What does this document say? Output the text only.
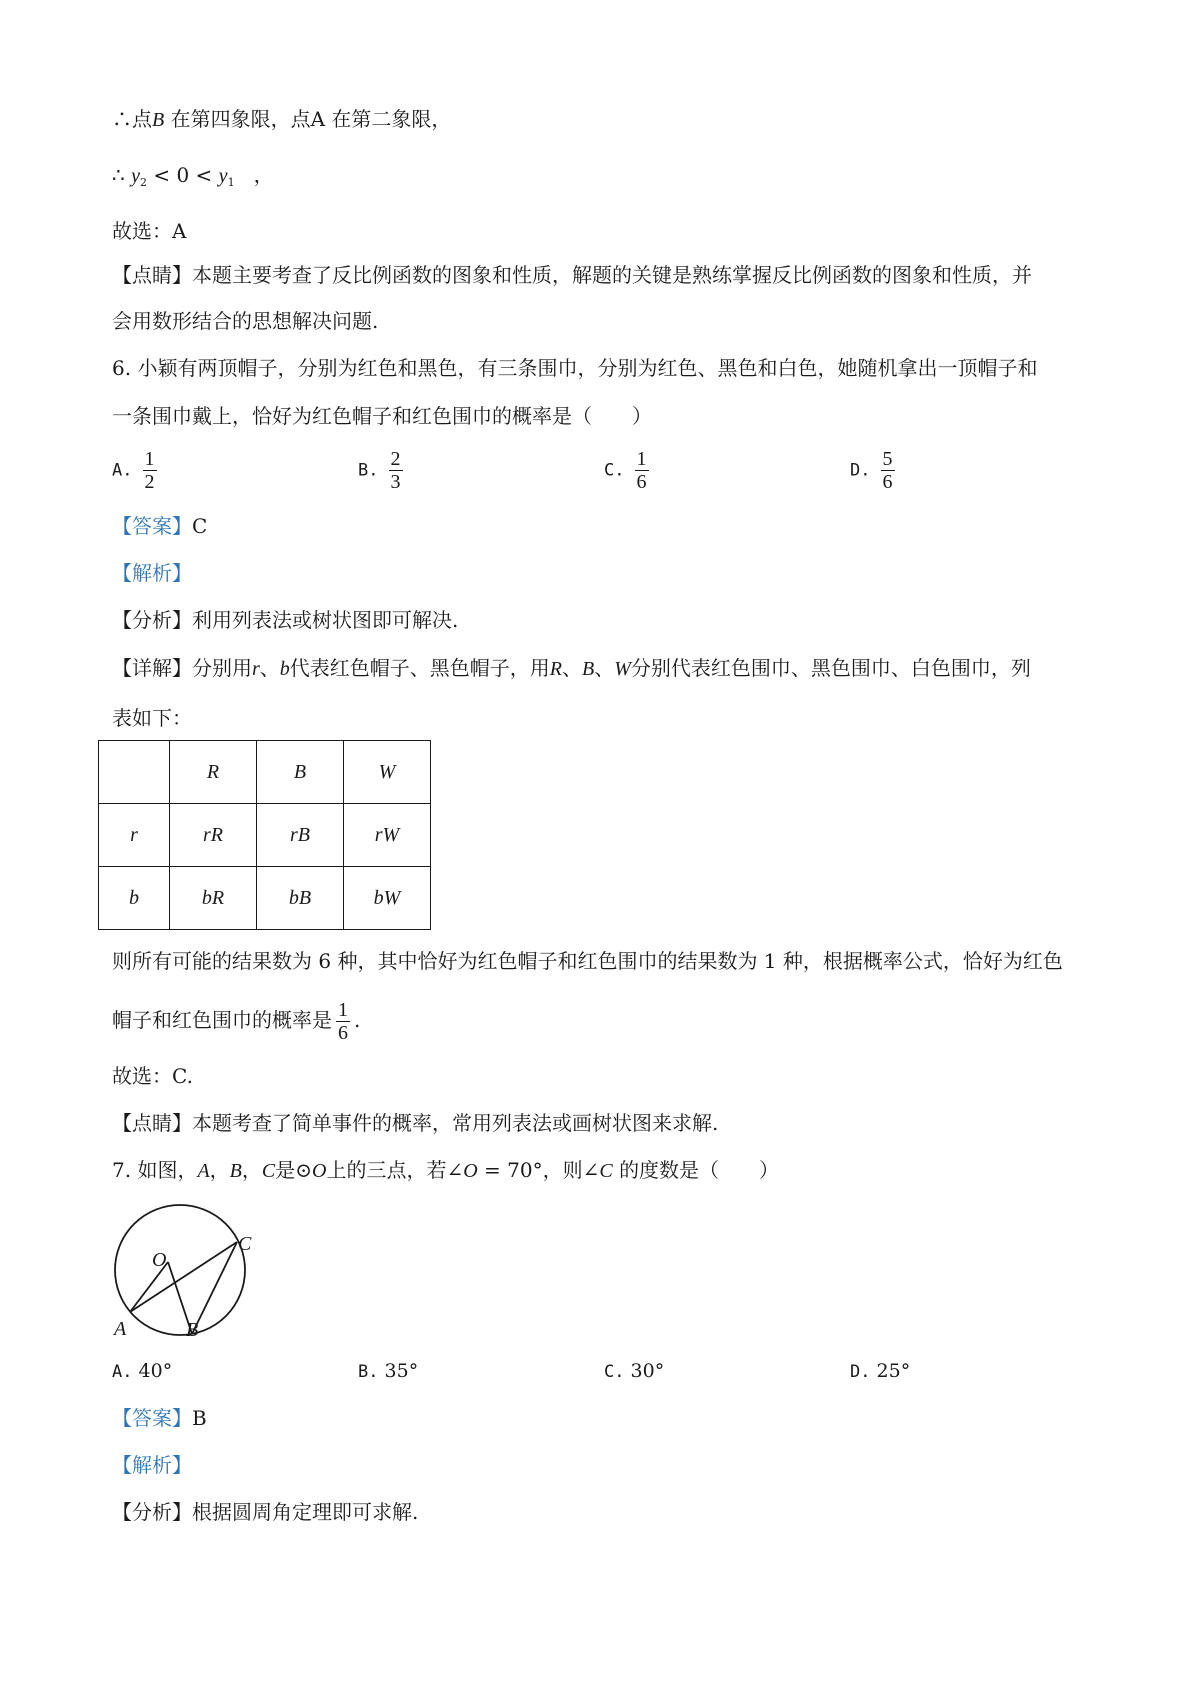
∴点B 在第四象限，点A 在第二象限，
∴ $y_2 < 0 < y_1$ ，
故选：A
【点睛】本题主要考查了反比例函数的图象和性质，解题的关键是熟练掌握反比例函数的图象和性质，并
会用数形结合的思想解决问题.
6. 小颖有两顶帽子，分别为红色和黑色，有三条围巾，分别为红色、黑色和白色，她随机拿出一顶帽子和
一条围巾戴上，恰好为红色帽子和红色围巾的概率是（　　）
A. $\frac{1}{2}$	B. $\frac{2}{3}$	C. $\frac{1}{6}$	D. $\frac{5}{6}$
【答案】C
【解析】
【分析】利用列表法或树状图即可解决.
【详解】分别用r、b代表红色帽子、黑色帽子，用R、B、W分别代表红色围巾、黑色围巾、白色围巾，列
表如下：
	R	B	W
r	rR	rB	rW
b	bR	bB	bW
则所有可能的结果数为 6 种，其中恰好为红色帽子和红色围巾的结果数为 1 种，根据概率公式，恰好为红色
帽子和红色围巾的概率是 $\frac{1}{6}$ .
故选：C.
【点睛】本题考查了简单事件的概率，常用列表法或画树状图来求解.
7. 如图，A，B，C是⊙O上的三点，若∠O = 70°，则∠C 的度数是（　　）
O
A	B
C
A. 40°	B. 35°	C. 30°	D. 25°
【答案】B
【解析】
【分析】根据圆周角定理即可求解.
